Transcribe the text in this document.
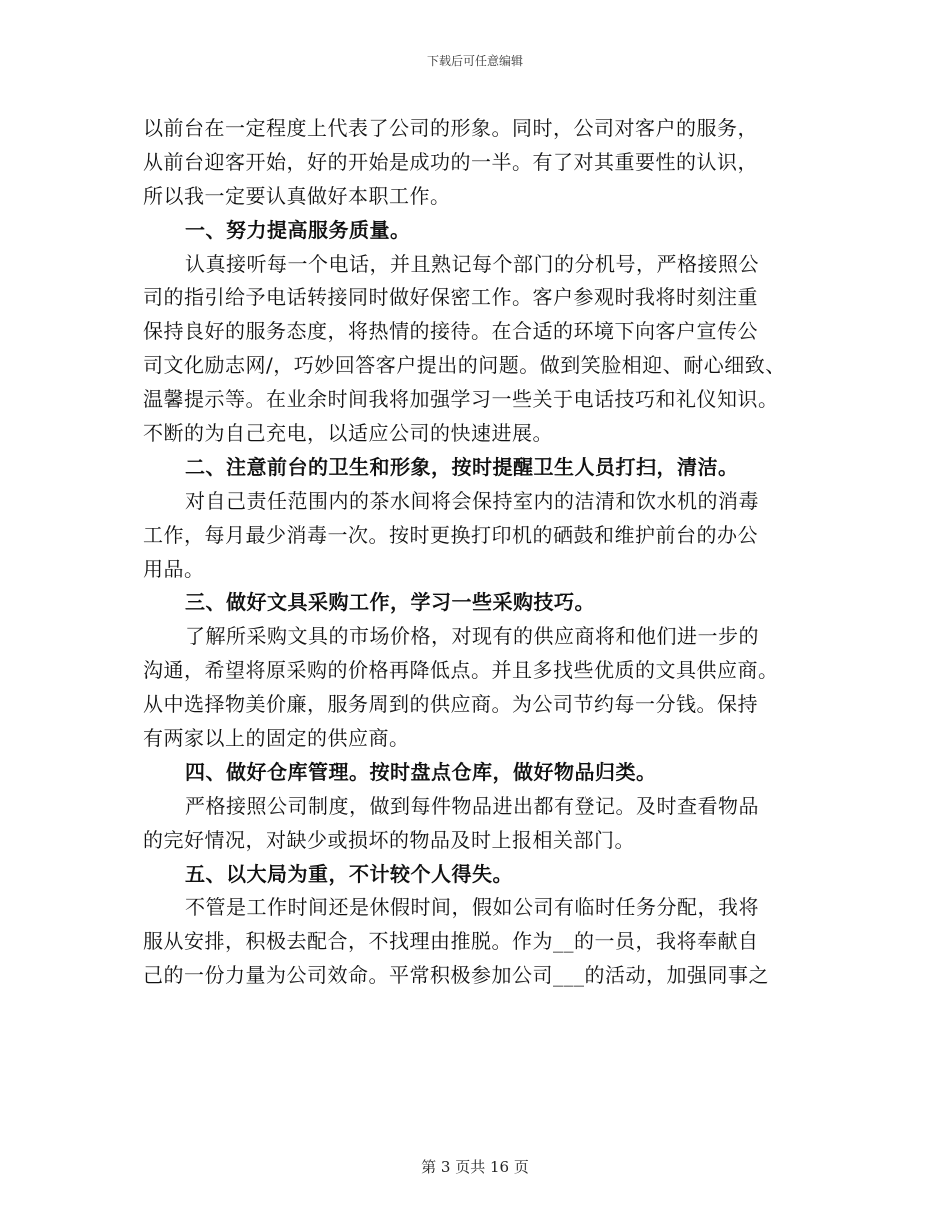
下载后可任意编辑
以前台在一定程度上代表了公司的形象。同时，公司对客户的服务，
从前台迎客开始，好的开始是成功的一半。有了对其重要性的认识，
所以我一定要认真做好本职工作。
一、努力提高服务质量。
认真接听每一个电话，并且熟记每个部门的分机号，严格接照公
司的指引给予电话转接同时做好保密工作。客户参观时我将时刻注重
保持良好的服务态度，将热情的接待。在合适的环境下向客户宣传公
司文化励志网/，巧妙回答客户提出的问题。做到笑脸相迎、耐心细致、
温馨提示等。在业余时间我将加强学习一些关于电话技巧和礼仪知识。
不断的为自己充电，以适应公司的快速进展。
二、注意前台的卫生和形象，按时提醒卫生人员打扫，清洁。
对自己责任范围内的茶水间将会保持室内的洁清和饮水机的消毒
工作，每月最少消毒一次。按时更换打印机的硒鼓和维护前台的办公
用品。
三、做好文具采购工作，学习一些采购技巧。
了解所采购文具的市场价格，对现有的供应商将和他们进一步的
沟通，希望将原采购的价格再降低点。并且多找些优质的文具供应商。
从中选择物美价廉，服务周到的供应商。为公司节约每一分钱。保持
有两家以上的固定的供应商。
四、做好仓库管理。按时盘点仓库，做好物品归类。
严格接照公司制度，做到每件物品进出都有登记。及时查看物品
的完好情况，对缺少或损坏的物品及时上报相关部门。
五、以大局为重，不计较个人得失。
不管是工作时间还是休假时间，假如公司有临时任务分配，我将
服从安排，积极去配合，不找理由推脱。作为__的一员，我将奉献自
己的一份力量为公司效命。平常积极参加公司___的活动，加强同事之
第 3 页共 16 页
